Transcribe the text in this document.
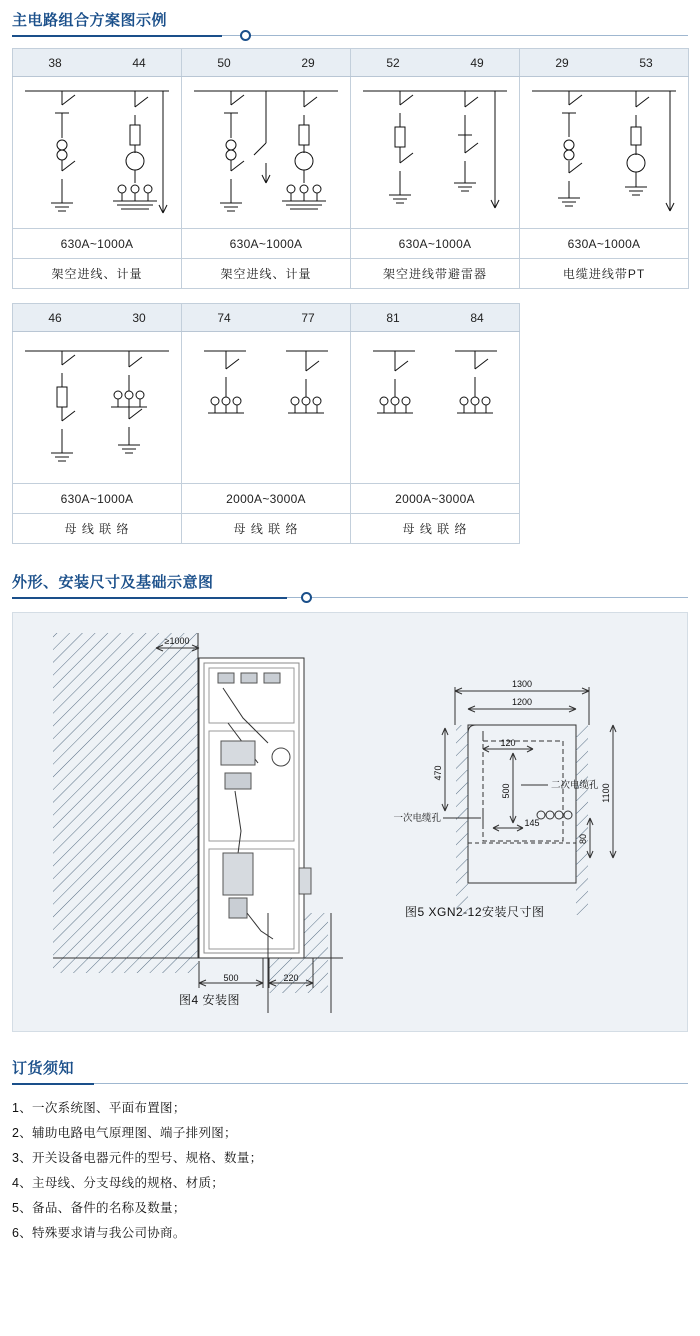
主电路组合方案图示例
38 44	50 29	52 49	29 53

630A~1000A	630A~1000A	630A~1000A	630A~1000A
架空进线、计量	架空进线、计量	架空进线带避雷器	电缆进线带PT
46 30	74 77	81 84	

630A~1000A	2000A~3000A	2000A~3000A	
母 线 联 络	母 线 联 络	母 线 联 络	
外形、安装尺寸及基础示意图
≥1000
500	220
1300
1200
120
470
500	1100
80
145
一次电缆孔
二次电缆孔
图4 安装图
图5 XGN2-12安装尺寸图
订货须知

1、一次系统图、平面布置图；

2、辅助电路电气原理图、端子排列图；

3、开关设备电器元件的型号、规格、数量；

4、主母线、分支母线的规格、材质；

5、备品、备件的名称及数量；

6、特殊要求请与我公司协商。
